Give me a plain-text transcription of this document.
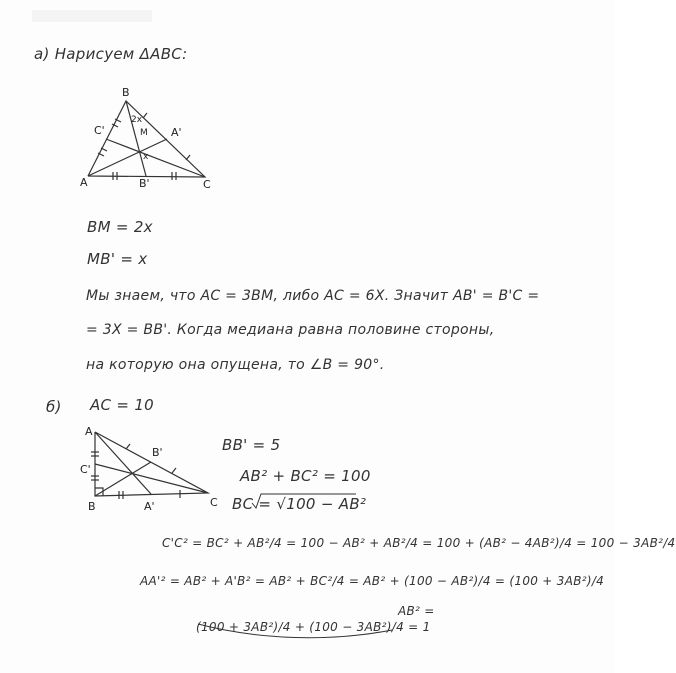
а) Нарисуем ΔABC:
B
A	C
A'
B'
C'	M
2x
x
BM = 2x
MB' = x
Мы знаем, что AC = 3BM, либо AC = 6X. Значит AB' = B'C =
= 3X = BB'. Когда медиана равна половине стороны,
на которую она опущена, то ∠B = 90°.
б) AC = 10
A
B	C
A'
B'
C'
BB' = 5
AB² + BC² = 100
BC = √100 − AB²
C'C² = BC² + AB²/4 = 100 − AB² + AB²/4 = 100 + (AB² − 4AB²)/4 = 100 − 3AB²/4
AA'² = AB² + A'B² = AB² + BC²/4 = AB² + (100 − AB²)/4 = (100 + 3AB²)/4
(100 + 3AB²)/4 + (100 − 3AB²)/4 = 1
AB² =
